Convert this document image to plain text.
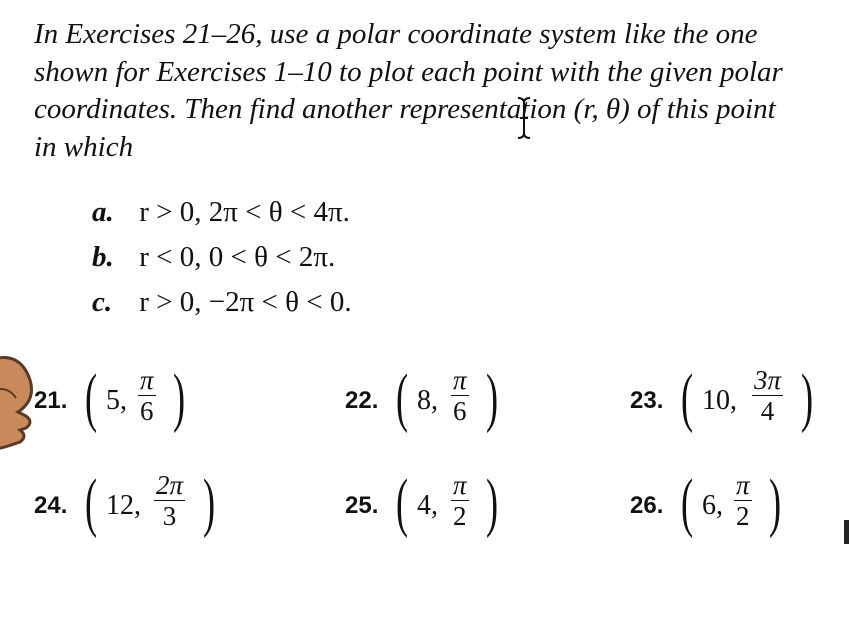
In Exercises 21–26, use a polar coordinate system like the one
shown for Exercises 1–10 to plot each point with the given polar
coordinates. Then find another representation (r, θ) of this point
in which
a. r > 0, 2π < θ < 4π.
b. r < 0, 0 < θ < 2π.
c. r > 0, −2π < θ < 0.
21. ( 5,
π
6 )	22. ( 8,
π
6 )	23. ( 10,
3π
4 )
24. ( 12,
2π
3 )	25. ( 4,
π
2 )	26. ( 6,
π
2 )
